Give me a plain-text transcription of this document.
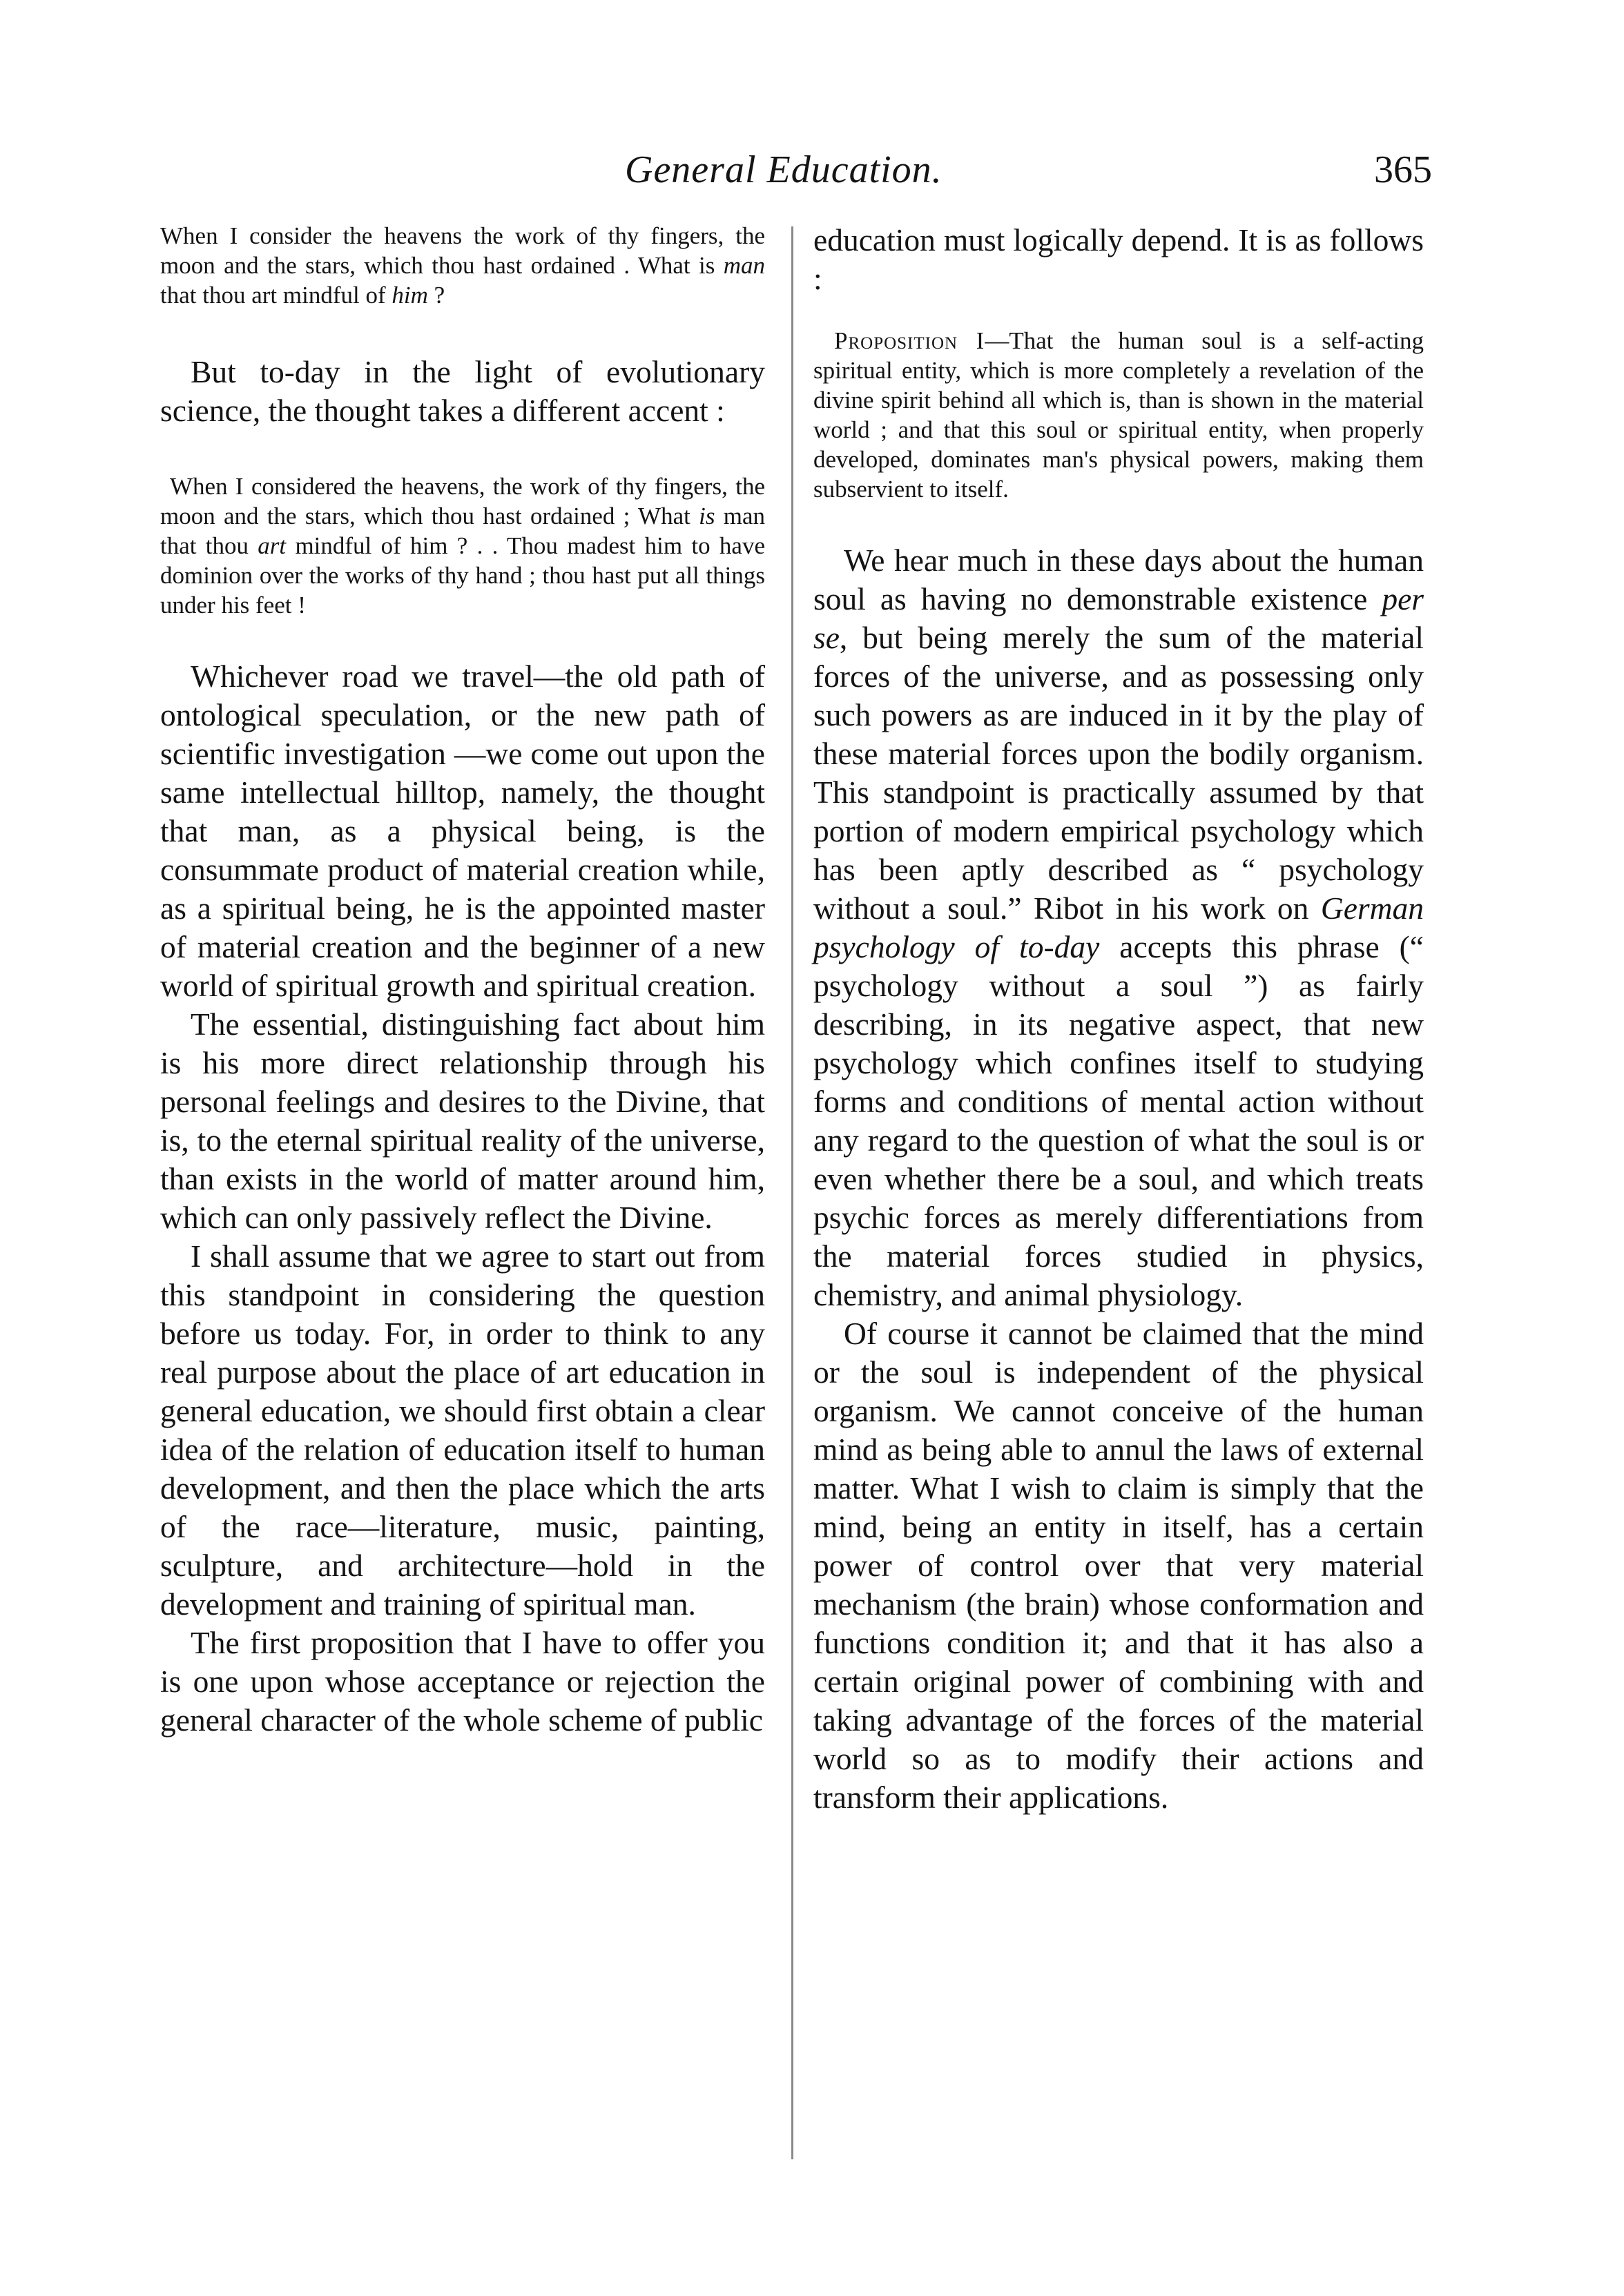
General Education.	365

When I consider the heavens the work of thy fingers, the moon and the stars, which thou hast ordained . What is man that thou art mindful of him ?

But to-day in the light of evolutionary science, the thought takes a different accent :

When I considered the heavens, the work of thy fingers, the moon and the stars, which thou hast ordained ; What is man that thou art mindful of him ? . . Thou madest him to have dominion over the works of thy hand ; thou hast put all things under his feet !

Whichever road we travel—the old path of ontological speculation, or the new path of scientific investigation —we come out upon the same intellectual hilltop, namely, the thought that man, as a physical being, is the consummate product of material creation while, as a spiritual being, he is the appointed master of material creation and the beginner of a new world of spiritual growth and spiritual creation.

The essential, distinguishing fact about him is his more direct relationship through his personal feelings and desires to the Divine, that is, to the eternal spiritual reality of the universe, than exists in the world of matter around him, which can only passively reflect the Divine.

I shall assume that we agree to start out from this standpoint in considering the question before us today. For, in order to think to any real purpose about the place of art education in general education, we should first obtain a clear idea of the relation of education itself to human development, and then the place which the arts of the race—literature, music, painting, sculpture, and architecture—hold in the development and training of spiritual man.

The first proposition that I have to offer you is one upon whose acceptance or rejection the general character of the whole scheme of public

education must logically depend. It is as follows :

Proposition I—That the human soul is a self-acting spiritual entity, which is more completely a revelation of the divine spirit behind all which is, than is shown in the material world ; and that this soul or spiritual entity, when properly developed, dominates man's physical powers, making them subservient to itself.

We hear much in these days about the human soul as having no demonstrable existence per se, but being merely the sum of the material forces of the universe, and as possessing only such powers as are induced in it by the play of these material forces upon the bodily organism. This standpoint is practically assumed by that portion of modern empirical psychology which has been aptly described as “ psychology without a soul.” Ribot in his work on German psychology of to-day accepts this phrase (“ psychology without a soul ”) as fairly describing, in its negative aspect, that new psychology which confines itself to studying forms and conditions of mental action without any regard to the question of what the soul is or even whether there be a soul, and which treats psychic forces as merely differentiations from the material forces studied in physics, chemistry, and animal physiology.

Of course it cannot be claimed that the mind or the soul is independent of the physical organism. We cannot conceive of the human mind as being able to annul the laws of external matter. What I wish to claim is simply that the mind, being an entity in itself, has a certain power of control over that very material mechanism (the brain) whose conformation and functions condition it; and that it has also a certain original power of combining with and taking advantage of the forces of the material world so as to modify their actions and transform their applications.
